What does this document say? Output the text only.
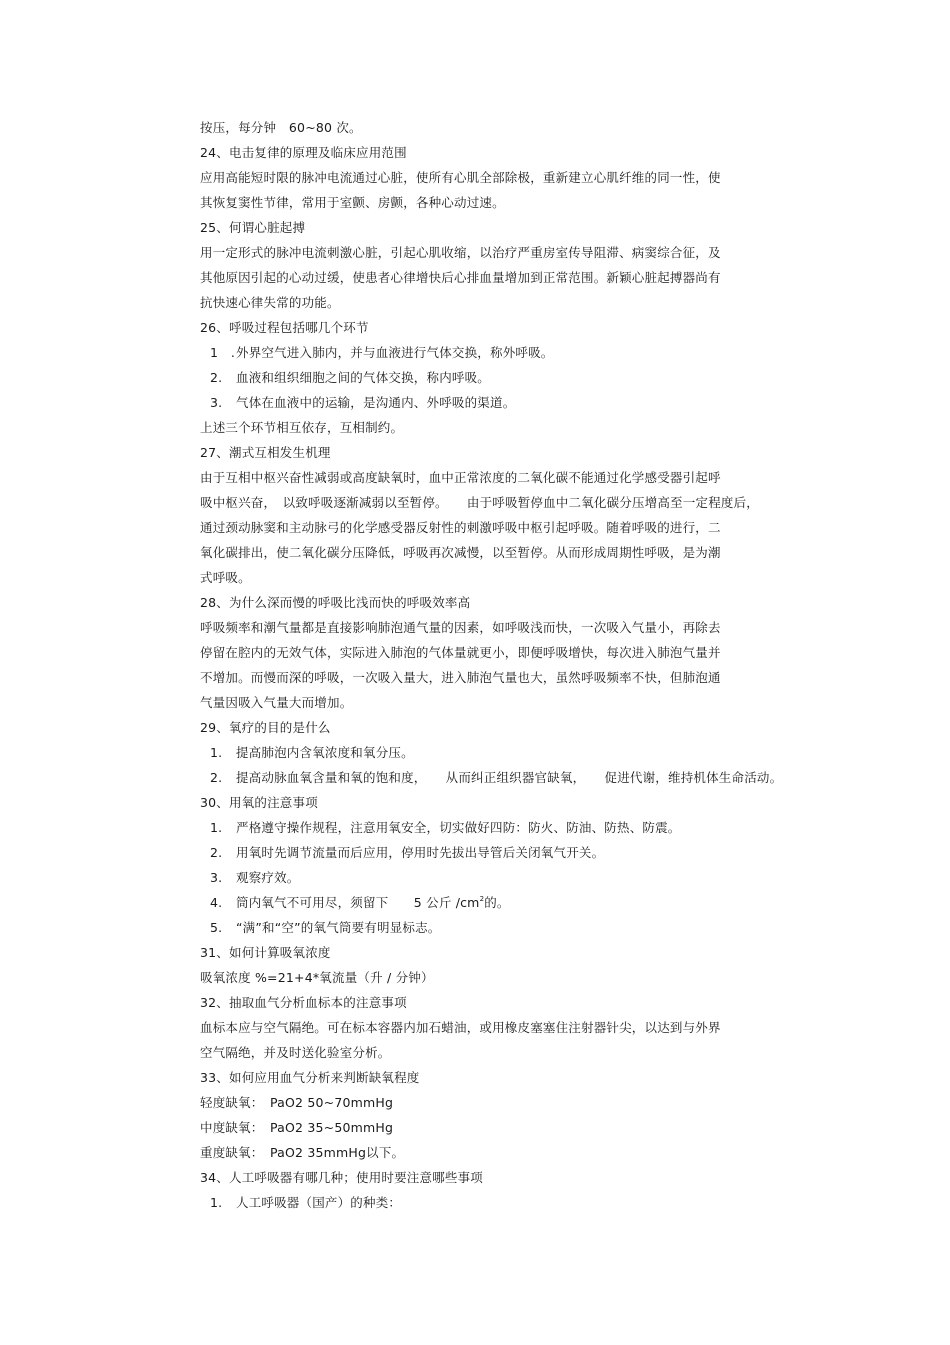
按压，每分钟　60~80 次。
24、电击复律的原理及临床应用范围
应用高能短时限的脉冲电流通过心脏，使所有心肌全部除极，重新建立心肌纤维的同一性，使
其恢复窦性节律，常用于室颤、房颤，各种心动过速。
25、何谓心脏起搏
用一定形式的脉冲电流刺激心脏，引起心肌收缩，以治疗严重房室传导阻滞、病窦综合征，及
其他原因引起的心动过缓，使患者心律增快后心排血量增加到正常范围。新颖心脏起搏器尚有
抗快速心律失常的功能。
26、呼吸过程包括哪几个环节
1　.外界空气进入肺内，并与血液进行气体交换，称外呼吸。
2. 血液和组织细胞之间的气体交换，称内呼吸。
3. 气体在血液中的运输，是沟通内、外呼吸的渠道。
上述三个环节相互依存，互相制约。
27、潮式互相发生机理
由于互相中枢兴奋性减弱或高度缺氧时，血中正常浓度的二氧化碳不能通过化学感受器引起呼
吸中枢兴奋，　以致呼吸逐渐减弱以至暂停。　　由于呼吸暂停血中二氧化碳分压增高至一定程度后，
通过颈动脉窦和主动脉弓的化学感受器反射性的刺激呼吸中枢引起呼吸。随着呼吸的进行，二
氧化碳排出，使二氧化碳分压降低，呼吸再次减慢，以至暂停。从而形成周期性呼吸，是为潮
式呼吸。
28、为什么深而慢的呼吸比浅而快的呼吸效率高
呼吸频率和潮气量都是直接影响肺泡通气量的因素，如呼吸浅而快，一次吸入气量小，再除去
停留在腔内的无效气体，实际进入肺泡的气体量就更小，即便呼吸增快，每次进入肺泡气量并
不增加。而慢而深的呼吸，一次吸入量大，进入肺泡气量也大，虽然呼吸频率不快，但肺泡通
气量因吸入气量大而增加。
29、氧疗的目的是什么
1. 提高肺泡内含氧浓度和氧分压。
2. 提高动脉血氧含量和氧的饱和度，　　从而纠正组织器官缺氧，　　促进代谢，维持机体生命活动。
30、用氧的注意事项
1. 严格遵守操作规程，注意用氧安全，切实做好四防：防火、防油、防热、防震。
2. 用氧时先调节流量而后应用，停用时先拔出导管后关闭氧气开关。
3. 观察疗效。
4. 筒内氧气不可用尽，须留下　　5 公斤 $/cm^2$的。
5. “满”和“空”的氧气筒要有明显标志。
31、如何计算吸氧浓度
吸氧浓度 %=21+4*氧流量（升 / 分钟）
32、抽取血气分析血标本的注意事项
血标本应与空气隔绝。可在标本容器内加石蜡油，或用橡皮塞塞住注射器针尖，以达到与外界
空气隔绝，并及时送化验室分析。
33、如何应用血气分析来判断缺氧程度
轻度缺氧：　PaO2 50~70mmHg
中度缺氧：　PaO2 35~50mmHg
重度缺氧：　PaO2 35mmHg以下。
34、人工呼吸器有哪几种；使用时要注意哪些事项
1. 人工呼吸器（国产）的种类：
